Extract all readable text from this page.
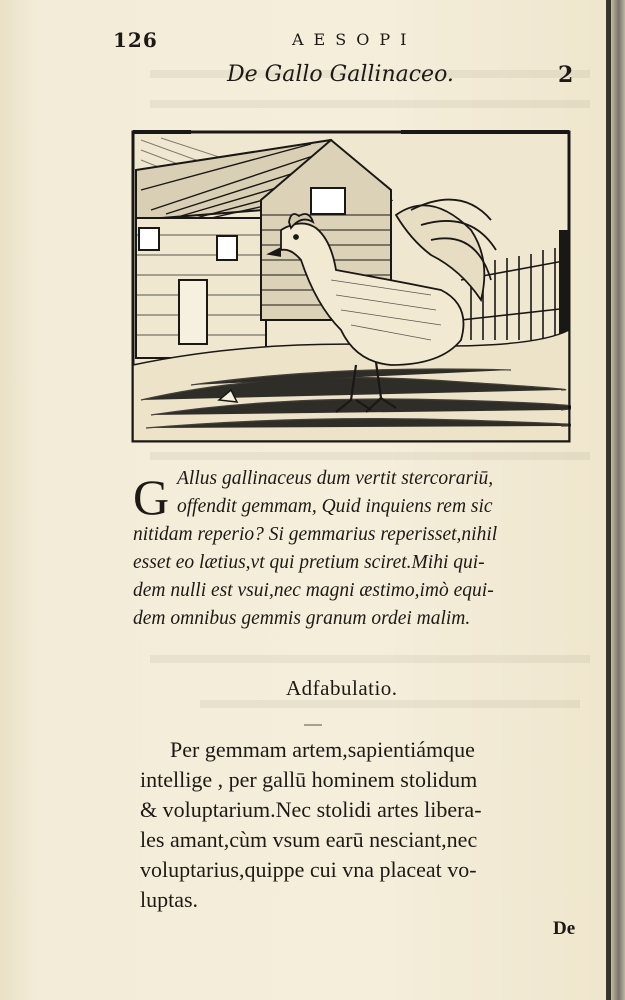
126	AESOPI
De Gallo Gallinaceo.	2
G Allus gallinaceus dum vertit stercorariū,
offendit gemmam, Quid inquiens rem sic
nitidam reperio? Si gemmarius reperisset,nihil
esset eo lætius,vt qui pretium sciret.Mihi qui-
dem nulli est vsui,nec magni æstimo,imò equi-
dem omnibus gemmis granum ordei malim.
Adfabulatio.
Per gemmam artem,sapientiámque
intellige , per gallū hominem stolidum
& voluptarium.Nec stolidi artes libera-
les amant,cùm vsum earū nesciant,nec
voluptarius,quippe cui vna placeat vo-
luptas.
De
